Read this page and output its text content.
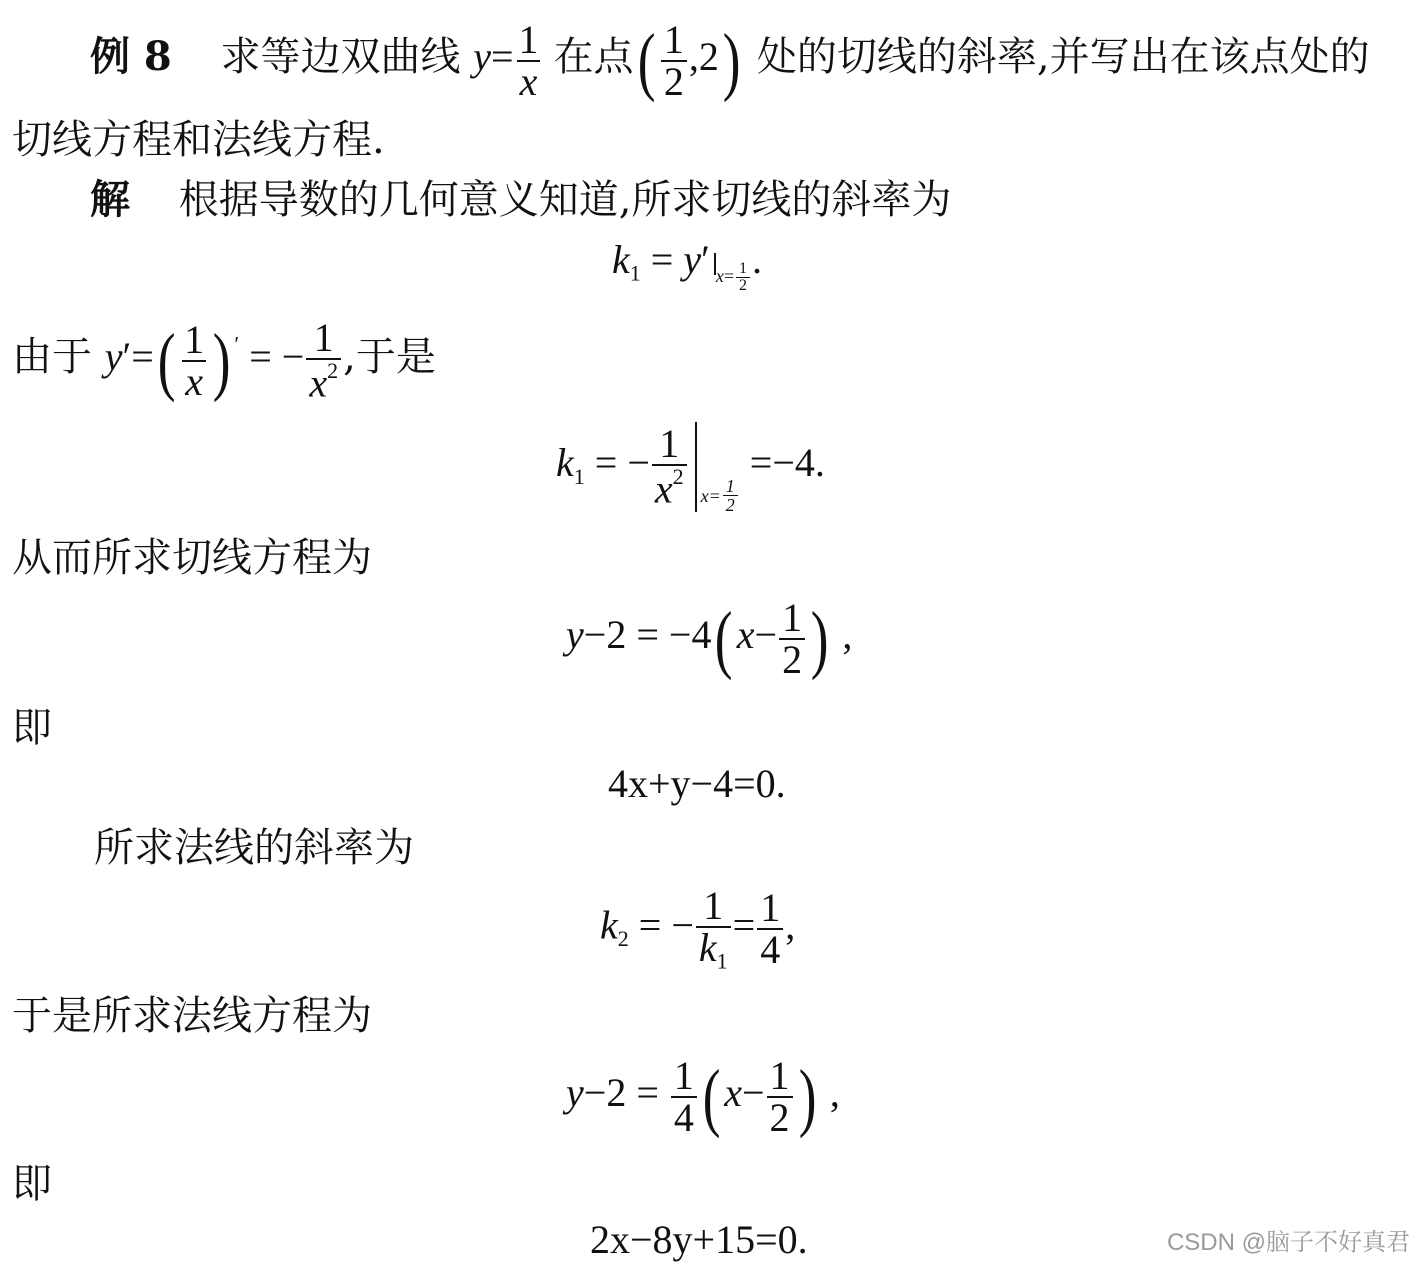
例 8 求等边双曲线 $y= \frac{1}{x}$ 在点( $\frac{1}{2} ,2$) 处的切线的斜率,并写出在该点处的
切线方程和法线方程.
解 根据导数的几何意义知道,所求切线的斜率为
$k_1 = y'$ $_{x= \frac{1}{2}}$ .
由于 $y'=( \frac{1}{x}$ ) ′ = − $\frac{1}{x^2}$ ,于是
$k_1$ = − $\frac{1}{x^2} x= \frac{1}{2}$
=−4.
从而所求切线方程为
$y-2 = -4(x- \frac{1}{2}$ ) ,
即
4x+y−4=0.
所求法线的斜率为
$k_2$ = − $\frac{1}{k_1} = \frac{1}{4}$ ,
于是所求法线方程为
$y-2 = \frac{1}{4} (x- \frac{1}{2}$ ) ,
即
2x−8y+15=0.	CSDN @脑子不好真君
